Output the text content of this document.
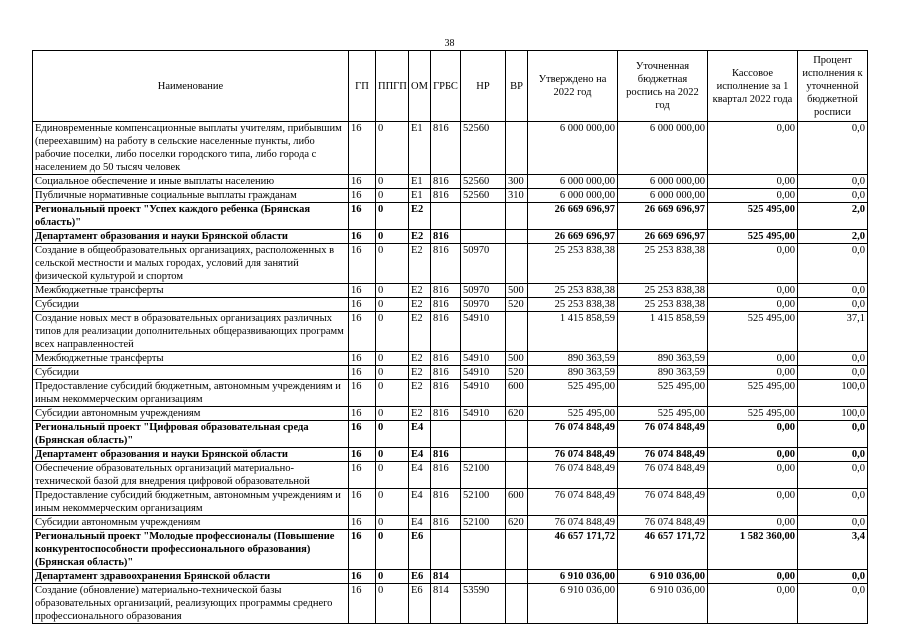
38
Наименование	ГП	ППГП	ОМ	ГРБС	НР	ВР	Утверждено на 2022 год	Уточненная бюджетная роспись на 2022 год	Кассовое исполнение за 1 квартал 2022 года	Процент исполнения к уточненной бюджетной росписи
Единовременные компенсационные выплаты учителям, прибывшим (переехавшим) на работу в сельские населенные пункты, либо рабочие поселки, либо поселки городского типа, либо города с населением до 50 тысяч человек	16	0	E1	816	52560		6 000 000,00	6 000 000,00	0,00	0,0
Социальное обеспечение и иные выплаты населению	16	0	E1	816	52560	300	6 000 000,00	6 000 000,00	0,00	0,0
Публичные нормативные социальные выплаты гражданам	16	0	E1	816	52560	310	6 000 000,00	6 000 000,00	0,00	0,0
Региональный проект "Успех каждого ребенка (Брянская область)"	16	0	E2				26 669 696,97	26 669 696,97	525 495,00	2,0
Департамент образования и науки Брянской области	16	0	E2	816			26 669 696,97	26 669 696,97	525 495,00	2,0
Создание в общеобразовательных организациях, расположенных в сельской местности и малых городах, условий для занятий физической культурой и спортом	16	0	E2	816	50970		25 253 838,38	25 253 838,38	0,00	0,0
Межбюджетные трансферты	16	0	E2	816	50970	500	25 253 838,38	25 253 838,38	0,00	0,0
Субсидии	16	0	E2	816	50970	520	25 253 838,38	25 253 838,38	0,00	0,0
Создание новых мест в образовательных организациях различных типов для реализации дополнительных общеразвивающих программ всех направленностей	16	0	E2	816	54910		1 415 858,59	1 415 858,59	525 495,00	37,1
Межбюджетные трансферты	16	0	E2	816	54910	500	890 363,59	890 363,59	0,00	0,0
Субсидии	16	0	E2	816	54910	520	890 363,59	890 363,59	0,00	0,0
Предоставление субсидий бюджетным, автономным учреждениям и иным некоммерческим организациям	16	0	E2	816	54910	600	525 495,00	525 495,00	525 495,00	100,0
Субсидии автономным учреждениям	16	0	E2	816	54910	620	525 495,00	525 495,00	525 495,00	100,0
Региональный проект "Цифровая образовательная среда (Брянская область)"	16	0	E4				76 074 848,49	76 074 848,49	0,00	0,0
Департамент образования и науки Брянской области	16	0	E4	816			76 074 848,49	76 074 848,49	0,00	0,0
Обеспечение образовательных организаций материально-технической базой для внедрения цифровой образовательной	16	0	E4	816	52100		76 074 848,49	76 074 848,49	0,00	0,0
Предоставление субсидий бюджетным, автономным учреждениям и иным некоммерческим организациям	16	0	E4	816	52100	600	76 074 848,49	76 074 848,49	0,00	0,0
Субсидии автономным учреждениям	16	0	E4	816	52100	620	76 074 848,49	76 074 848,49	0,00	0,0
Региональный проект "Молодые профессионалы (Повышение конкурентоспособности профессионального образования) (Брянская область)"	16	0	E6				46 657 171,72	46 657 171,72	1 582 360,00	3,4
Департамент здравоохранения Брянской области	16	0	E6	814			6 910 036,00	6 910 036,00	0,00	0,0
Создание (обновление) материально-технической базы образовательных организаций, реализующих программы среднего профессионального образования	16	0	E6	814	53590		6 910 036,00	6 910 036,00	0,00	0,0
